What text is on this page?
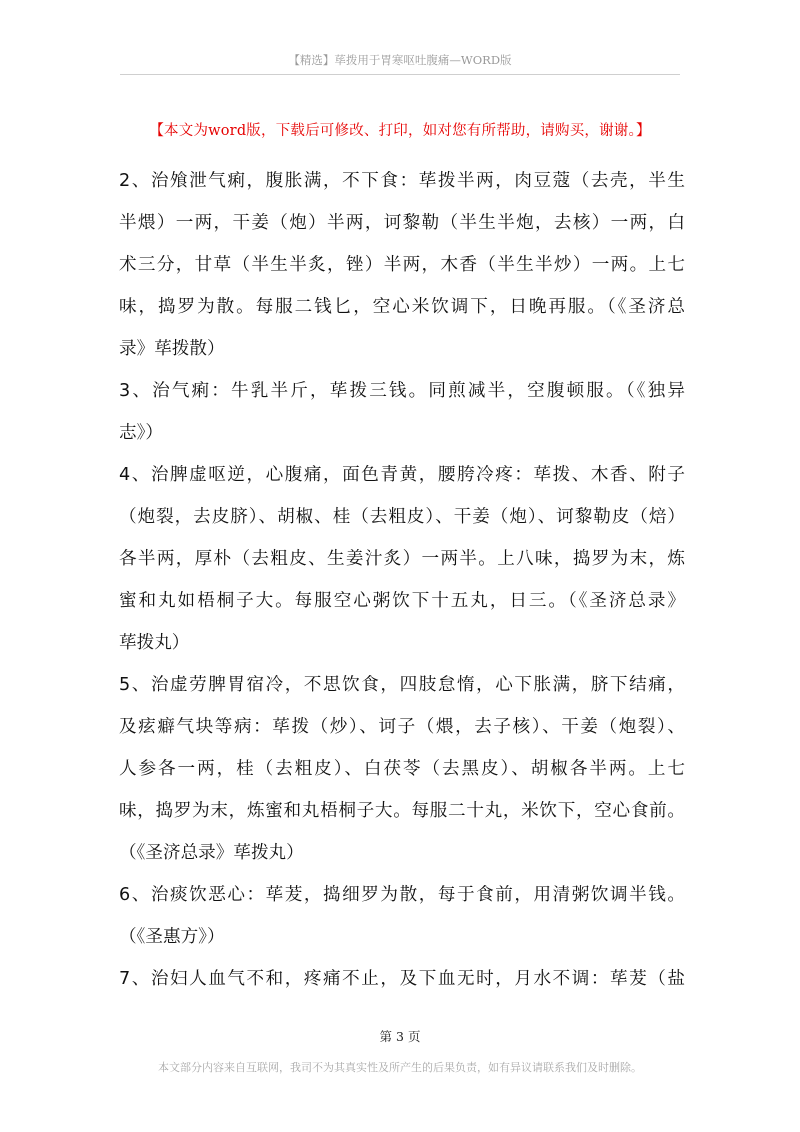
【精选】荜拨用于胃寒呕吐腹痛—WORD版
【本文为word版，下载后可修改、打印，如对您有所帮助，请购买，谢谢。】
2、治飧泄气痢，腹胀满，不下食：荜拨半两，肉豆蔻（去壳，半生
半煨）一两，干姜（炮）半两，诃黎勒（半生半炮，去核）一两，白
术三分，甘草（半生半炙，锉）半两，木香（半生半炒）一两。上七
味，捣罗为散。每服二钱匕，空心米饮调下，日晚再服。（《圣济总
录》荜拨散）
3、治气痢：牛乳半斤，荜拨三钱。同煎减半，空腹顿服。（《独异
志》）
4、治脾虚呕逆，心腹痛，面色青黄，腰胯冷疼：荜拨、木香、附子
（炮裂，去皮脐）、胡椒、桂（去粗皮）、干姜（炮）、诃黎勒皮（焙）
各半两，厚朴（去粗皮、生姜汁炙）一两半。上八味，捣罗为末，炼
蜜和丸如梧桐子大。每服空心粥饮下十五丸，日三。（《圣济总录》
荜拨丸）
5、治虚劳脾胃宿冷，不思饮食，四肢怠惰，心下胀满，脐下结痛，
及痃癖气块等病：荜拨（炒）、诃子（煨，去子核）、干姜（炮裂）、
人参各一两，桂（去粗皮）、白茯苓（去黑皮）、胡椒各半两。上七
味，捣罗为末，炼蜜和丸梧桐子大。每服二十丸，米饮下，空心食前。
（《圣济总录》荜拨丸）
6、治痰饮恶心：荜茇，捣细罗为散，每于食前，用清粥饮调半钱。
（《圣惠方》）
7、治妇人血气不和，疼痛不止，及下血无时，月水不调：荜茇（盐
第 3 页
本文部分内容来自互联网，我司不为其真实性及所产生的后果负责，如有异议请联系我们及时删除。
